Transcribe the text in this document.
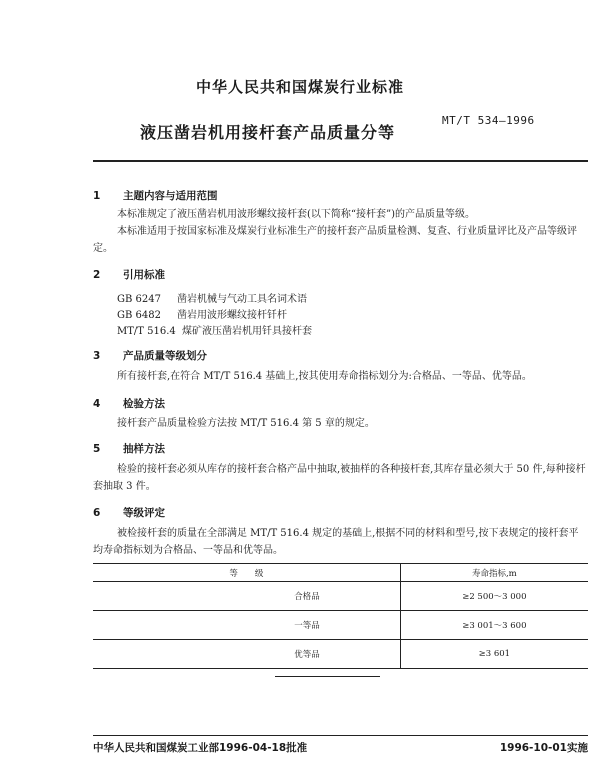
中华人民共和国煤炭行业标准
液压凿岩机用接杆套产品质量分等
MT/T 534—1996
1 主题内容与适用范围
本标准规定了液压凿岩机用波形螺纹接杆套(以下简称“接杆套”)的产品质量等级。
本标准适用于按国家标准及煤炭行业标准生产的接杆套产品质量检测、复查、行业质量评比及产品等级评定。
2 引用标准
GB 6247 凿岩机械与气动工具名词术语
GB 6482 凿岩用波形螺纹接杆钎杆
MT/T 516.4 煤矿液压凿岩机用钎具接杆套
3 产品质量等级划分
所有接杆套,在符合 MT/T 516.4 基础上,按其使用寿命指标划分为:合格品、一等品、优等品。
4 检验方法
接杆套产品质量检验方法按 MT/T 516.4 第 5 章的规定。
5 抽样方法
检验的接杆套必须从库存的接杆套合格产品中抽取,被抽样的各种接杆套,其库存量必须大于 50 件,每种接杆套抽取 3 件。
6 等级评定
被检接杆套的质量在全部满足 MT/T 516.4 规定的基础上,根据不同的材料和型号,按下表规定的接杆套平均寿命指标划为合格品、一等品和优等品。
等　　级	寿命指标,m
合格品	≥2 500～3 000
一等品	≥3 001～3 600
优等品	≥3 601
中华人民共和国煤炭工业部1996-04-18批准	1996-10-01实施
